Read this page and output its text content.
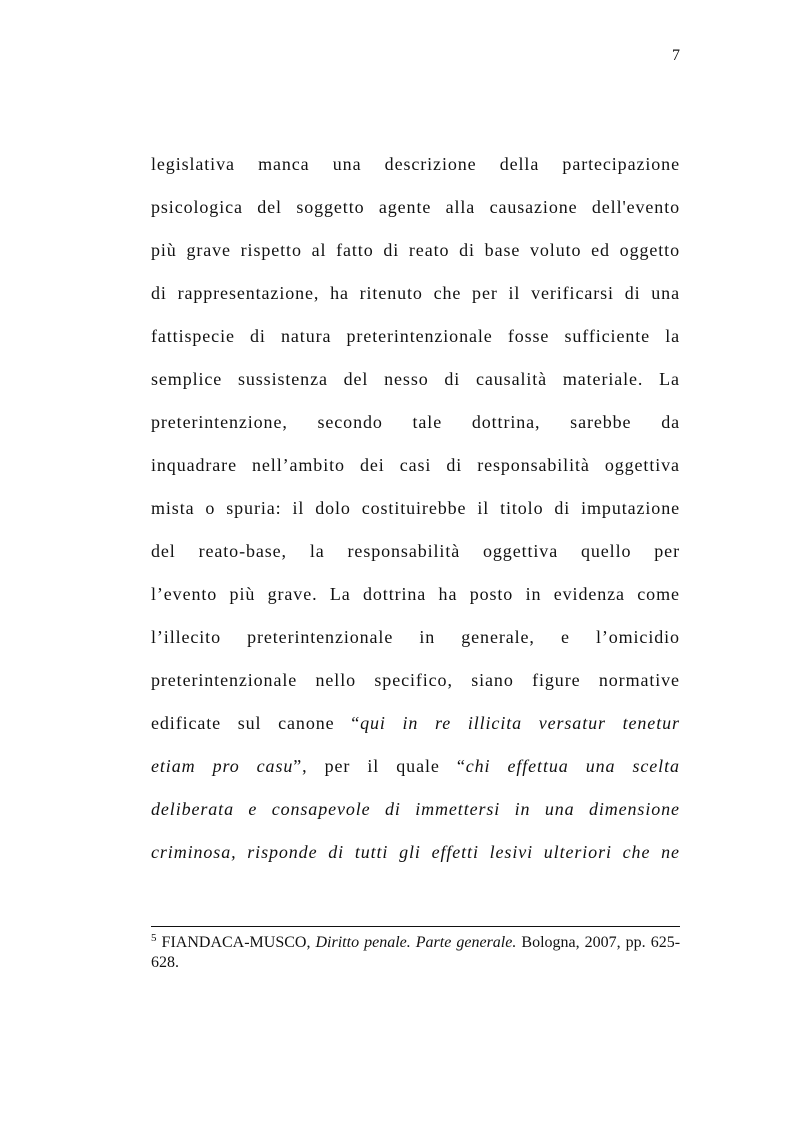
7
legislativa manca una descrizione della partecipazione
psicologica del soggetto agente alla causazione dell'evento
più grave rispetto al fatto di reato di base voluto ed oggetto
di rappresentazione, ha ritenuto che per il verificarsi di una
fattispecie di natura preterintenzionale fosse sufficiente la
semplice sussistenza del nesso di causalità materiale. La
preterintenzione, secondo tale dottrina, sarebbe da
inquadrare nell’ambito dei casi di responsabilità oggettiva
mista o spuria: il dolo costituirebbe il titolo di imputazione
del reato-base, la responsabilità oggettiva quello per
l’evento più grave. La dottrina ha posto in evidenza come
l’illecito preterintenzionale in generale, e l’omicidio
preterintenzionale nello specifico, siano figure normative
edificate sul canone “qui in re illicita versatur tenetur
etiam pro casu”, per il quale “chi effettua una scelta
deliberata e consapevole di immettersi in una dimensione
criminosa, risponde di tutti gli effetti lesivi ulteriori che ne
$^5$ FIANDACA-MUSCO, Diritto penale. Parte generale. Bologna, 2007, pp. 625-628.
